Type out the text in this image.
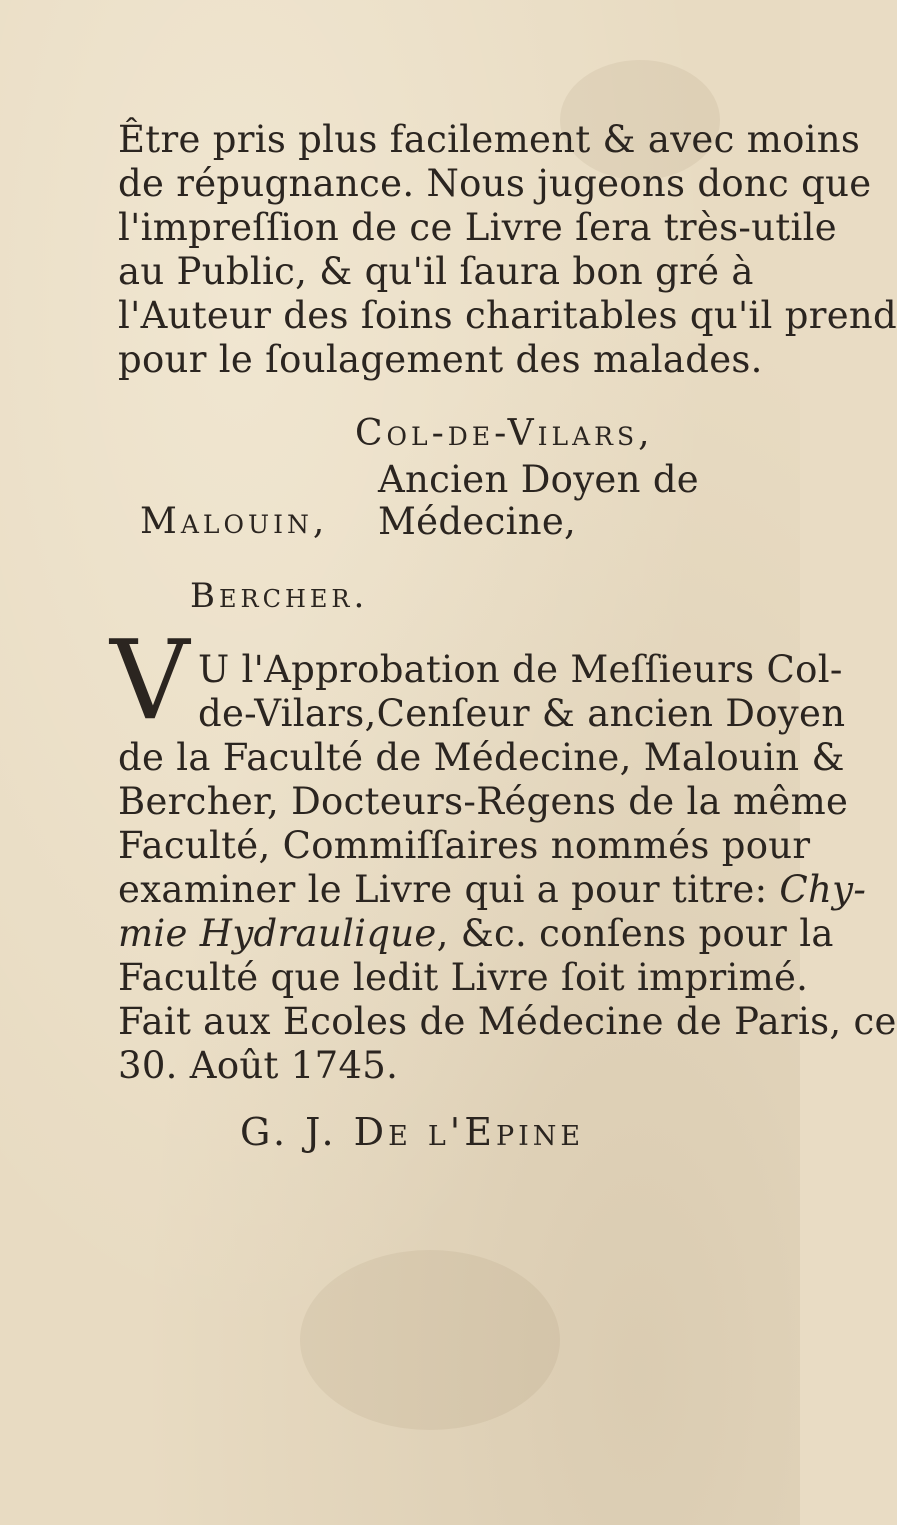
Être pris plus facilement & avec moins
de répugnance. Nous jugeons donc que
l'impreſſion de ce Livre ſera très-utile
au Public, & qu'il ſaura bon gré à
l'Auteur des ſoins charitables qu'il prend
pour le ſoulagement des malades.
Col-de-Vilars,
Ancien Doyen de
Malouin, Médecine,
Bercher.
V U l'Approbation de Meſſieurs Col-
de-Vilars,Cenſeur & ancien Doyen
de la Faculté de Médecine, Malouin &
Bercher, Docteurs-Régens de la même
Faculté, Commiſſaires nommés pour
examiner le Livre qui a pour titre: Chy-
mie Hydraulique, &c. conſens pour la
Faculté que ledit Livre ſoit imprimé.
Fait aux Ecoles de Médecine de Paris, ce
30. Août 1745.
G. J. De l'Epine
